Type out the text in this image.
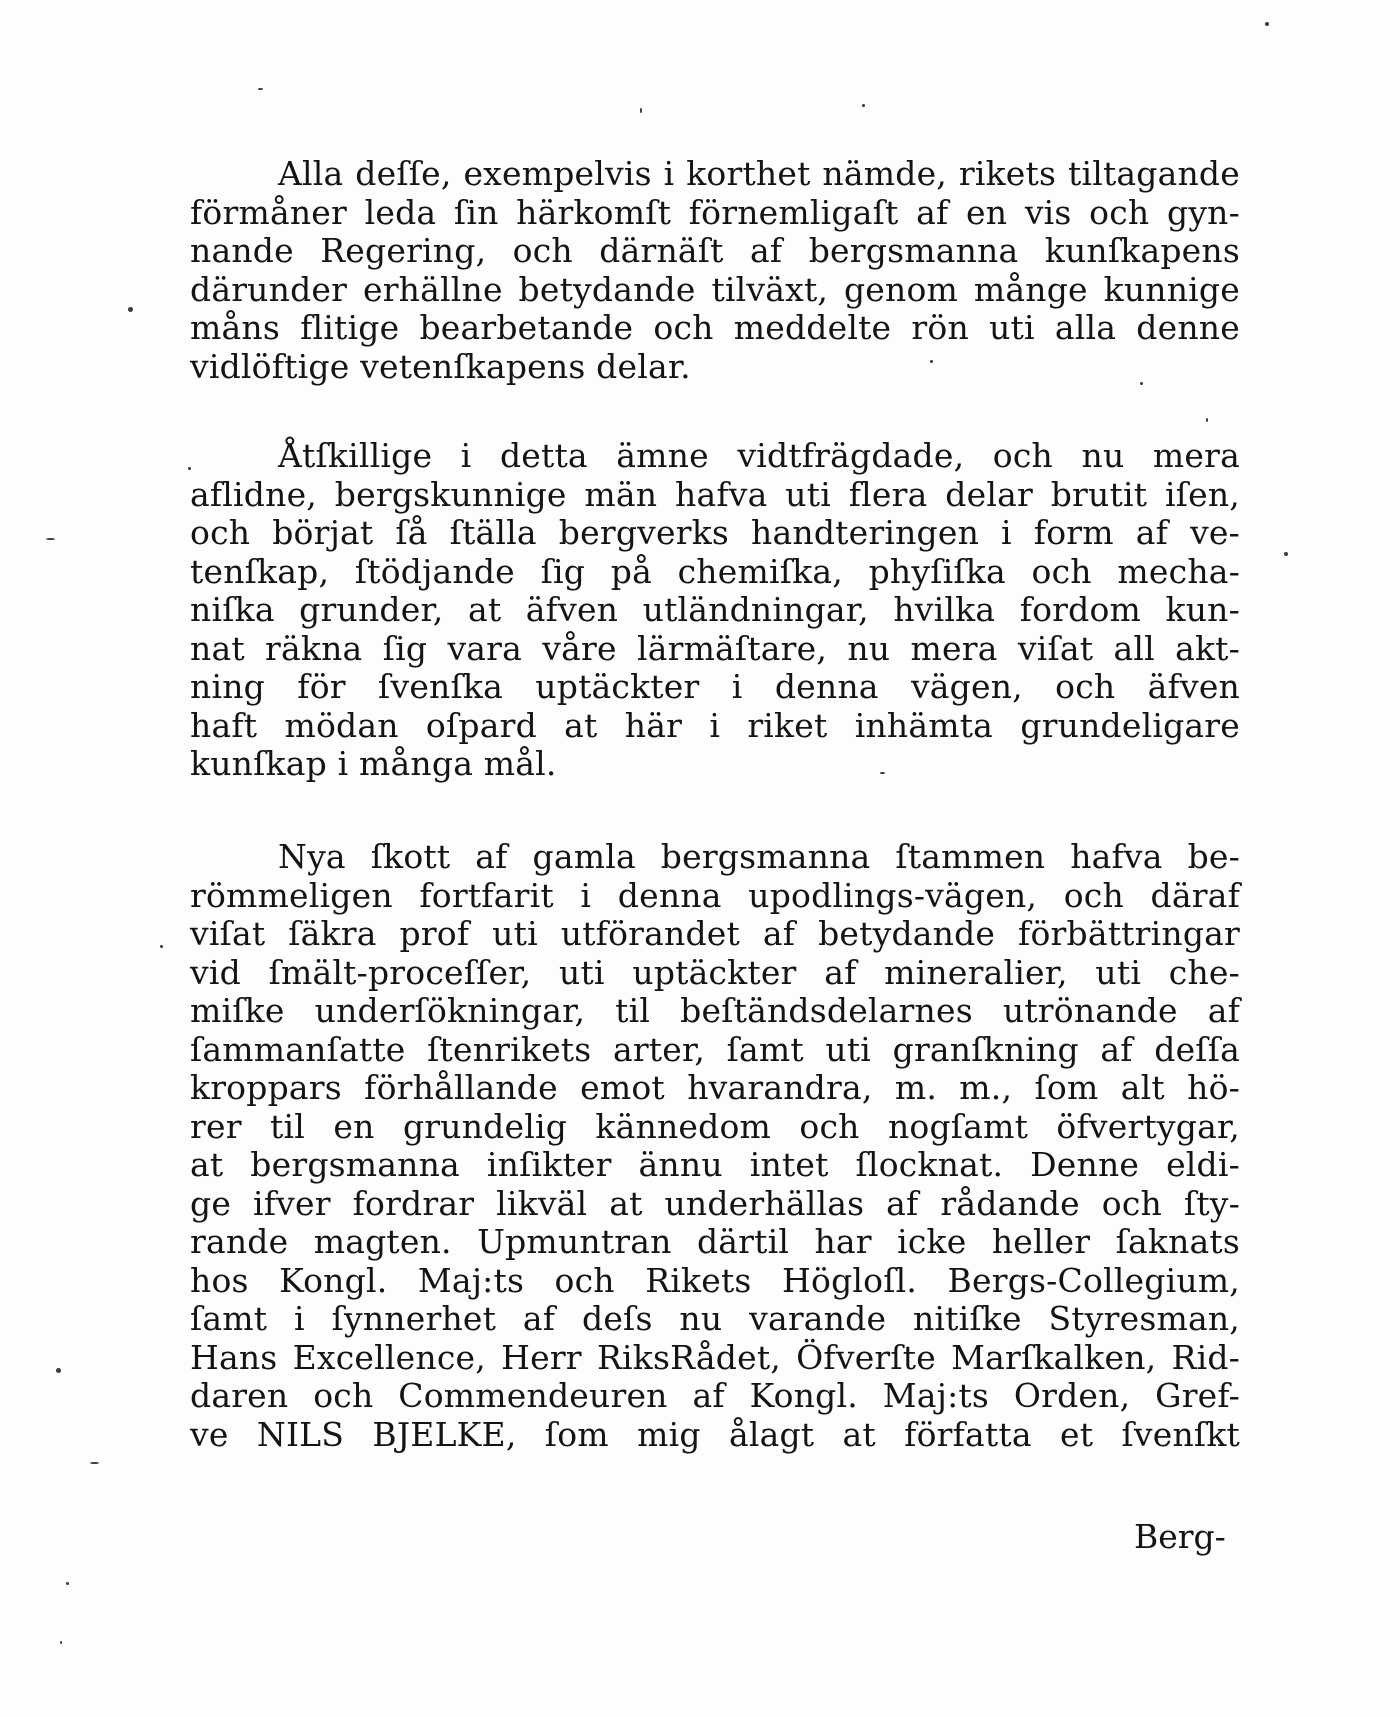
Alla deſſe, exempelvis i korthet nämde, rikets tiltagande
förmåner leda ſin härkomſt förnemligaſt af en vis och gyn-
nande Regering, och därnäſt af bergsmanna kunſkapens
därunder erhällne betydande tilväxt, genom månge kunnige
måns flitige bearbetande och meddelte rön uti alla denne
vidlöftige vetenſkapens delar.
Åtſkillige i detta ämne vidtfrägdade, och nu mera
aflidne, bergskunnige män hafva uti flera delar brutit iſen,
och börjat ſå ſtälla bergverks handteringen i form af ve-
tenſkap, ſtödjande ſig på chemiſka, phyſiſka och mecha-
niſka grunder, at äfven utländningar, hvilka fordom kun-
nat räkna ſig vara våre lärmäſtare, nu mera viſat all akt-
ning för ſvenſka uptäckter i denna vägen, och äfven
haft mödan oſpard at här i riket inhämta grundeligare
kunſkap i många mål.
Nya ſkott af gamla bergsmanna ſtammen hafva be-
römmeligen fortfarit i denna upodlings-vägen, och däraf
viſat ſäkra prof uti utförandet af betydande förbättringar
vid ſmält-proceſſer, uti uptäckter af mineralier, uti che-
miſke underſökningar, til beſtändsdelarnes utrönande af
ſammanſatte ſtenrikets arter, ſamt uti granſkning af deſſa
kroppars förhållande emot hvarandra, m. m., ſom alt hö-
rer til en grundelig kännedom och nogſamt öfvertygar,
at bergsmanna inſikter ännu intet ſlocknat. Denne eldi-
ge ifver fordrar likväl at underhällas af rådande och ſty-
rande magten. Upmuntran därtil har icke heller ſaknats
hos Kongl. Maj:ts och Rikets Högloſl. Bergs-Collegium,
ſamt i ſynnerhet af deſs nu varande nitiſke Styresman,
Hans Excellence, Herr RiksRådet, Öfverſte Marſkalken, Rid-
daren och Commendeuren af Kongl. Maj:ts Orden, Gref-
ve NILS BJELKE, ſom mig ålagt at författa et ſvenſkt
Berg-
